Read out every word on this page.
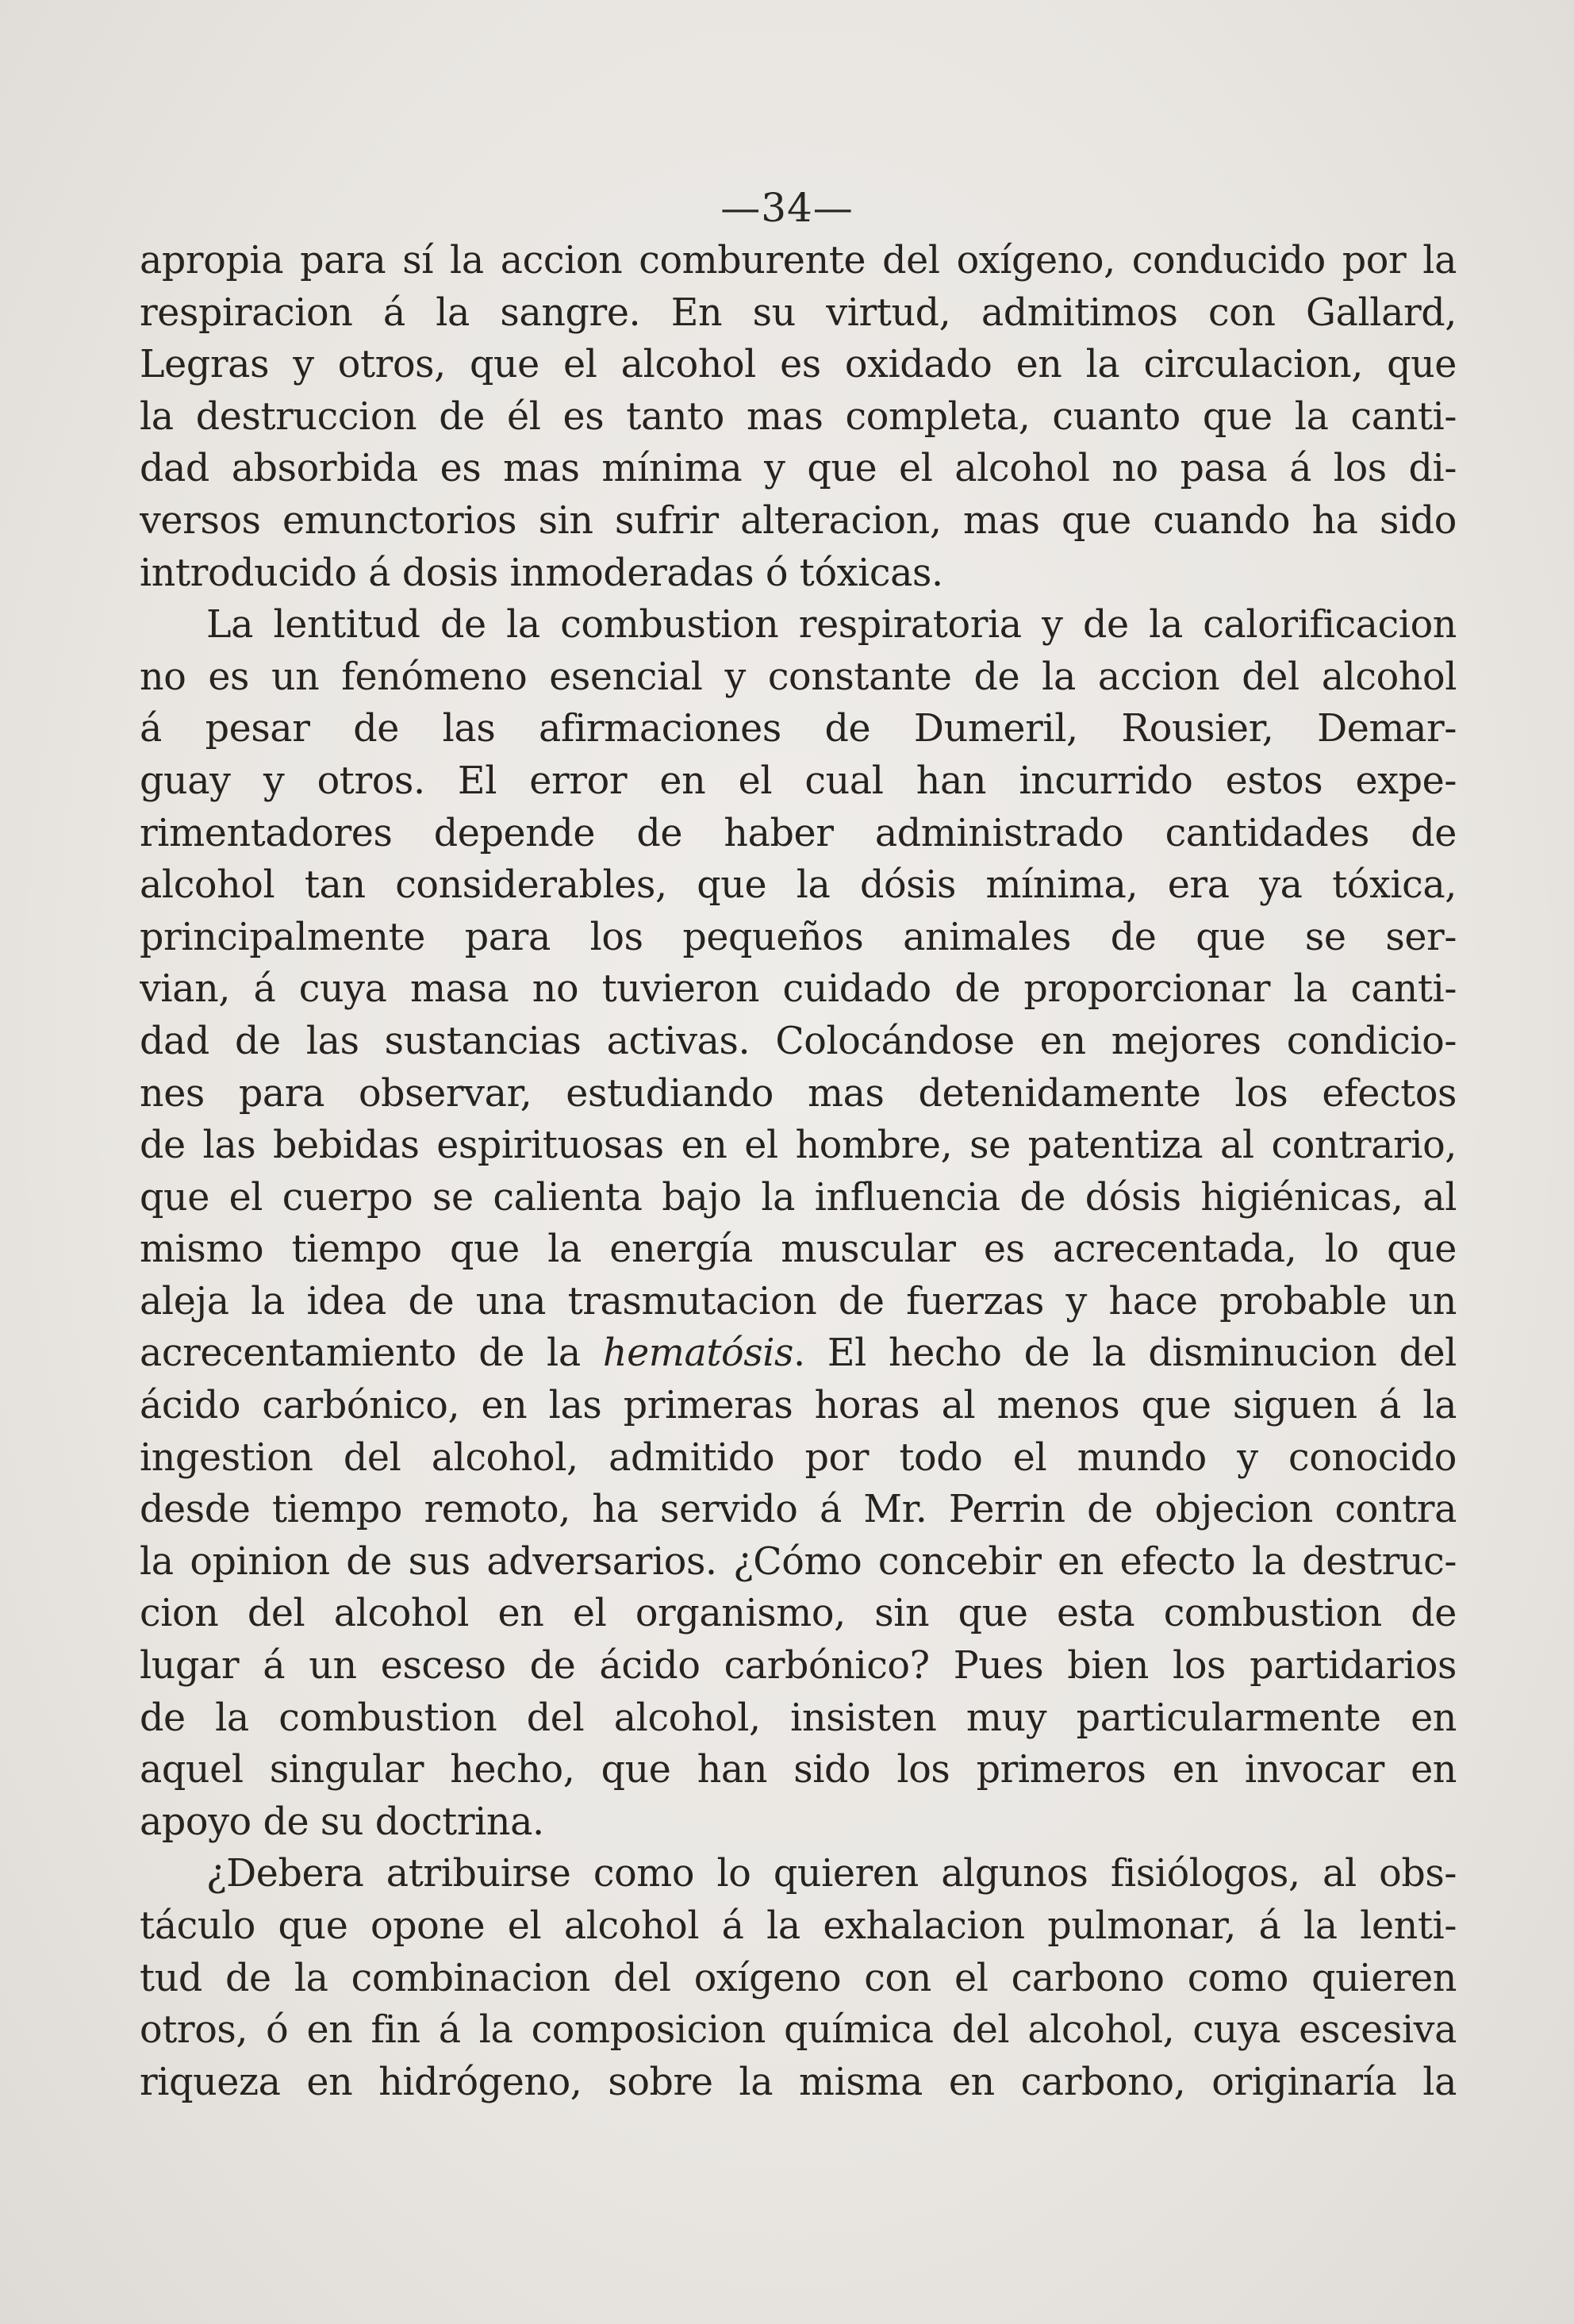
—34—
apropia para sí la accion comburente del oxígeno, conducido por la
respiracion á la sangre. En su virtud, admitimos con Gallard,
Legras y otros, que el alcohol es oxidado en la circulacion, que
la destruccion de él es tanto mas completa, cuanto que la canti-
dad absorbida es mas mínima y que el alcohol no pasa á los di-
versos emunctorios sin sufrir alteracion, mas que cuando ha sido
introducido á dosis inmoderadas ó tóxicas.
La lentitud de la combustion respiratoria y de la calorificacion
no es un fenómeno esencial y constante de la accion del alcohol
á pesar de las afirmaciones de Dumeril, Rousier, Demar-
guay y otros. El error en el cual han incurrido estos expe-
rimentadores depende de haber administrado cantidades de
alcohol tan considerables, que la dósis mínima, era ya tóxica,
principalmente para los pequeños animales de que se ser-
vian, á cuya masa no tuvieron cuidado de proporcionar la canti-
dad de las sustancias activas. Colocándose en mejores condicio-
nes para observar, estudiando mas detenidamente los efectos
de las bebidas espirituosas en el hombre, se patentiza al contrario,
que el cuerpo se calienta bajo la influencia de dósis higiénicas, al
mismo tiempo que la energía muscular es acrecentada, lo que
aleja la idea de una trasmutacion de fuerzas y hace probable un
acrecentamiento de la hematósis. El hecho de la disminucion del
ácido carbónico, en las primeras horas al menos que siguen á la
ingestion del alcohol, admitido por todo el mundo y conocido
desde tiempo remoto, ha servido á Mr. Perrin de objecion contra
la opinion de sus adversarios. ¿Cómo concebir en efecto la destruc-
cion del alcohol en el organismo, sin que esta combustion de
lugar á un esceso de ácido carbónico? Pues bien los partidarios
de la combustion del alcohol, insisten muy particularmente en
aquel singular hecho, que han sido los primeros en invocar en
apoyo de su doctrina.
¿Debera atribuirse como lo quieren algunos fisiólogos, al obs-
táculo que opone el alcohol á la exhalacion pulmonar, á la lenti-
tud de la combinacion del oxígeno con el carbono como quieren
otros, ó en fin á la composicion química del alcohol, cuya escesiva
riqueza en hidrógeno, sobre la misma en carbono, originaría la
